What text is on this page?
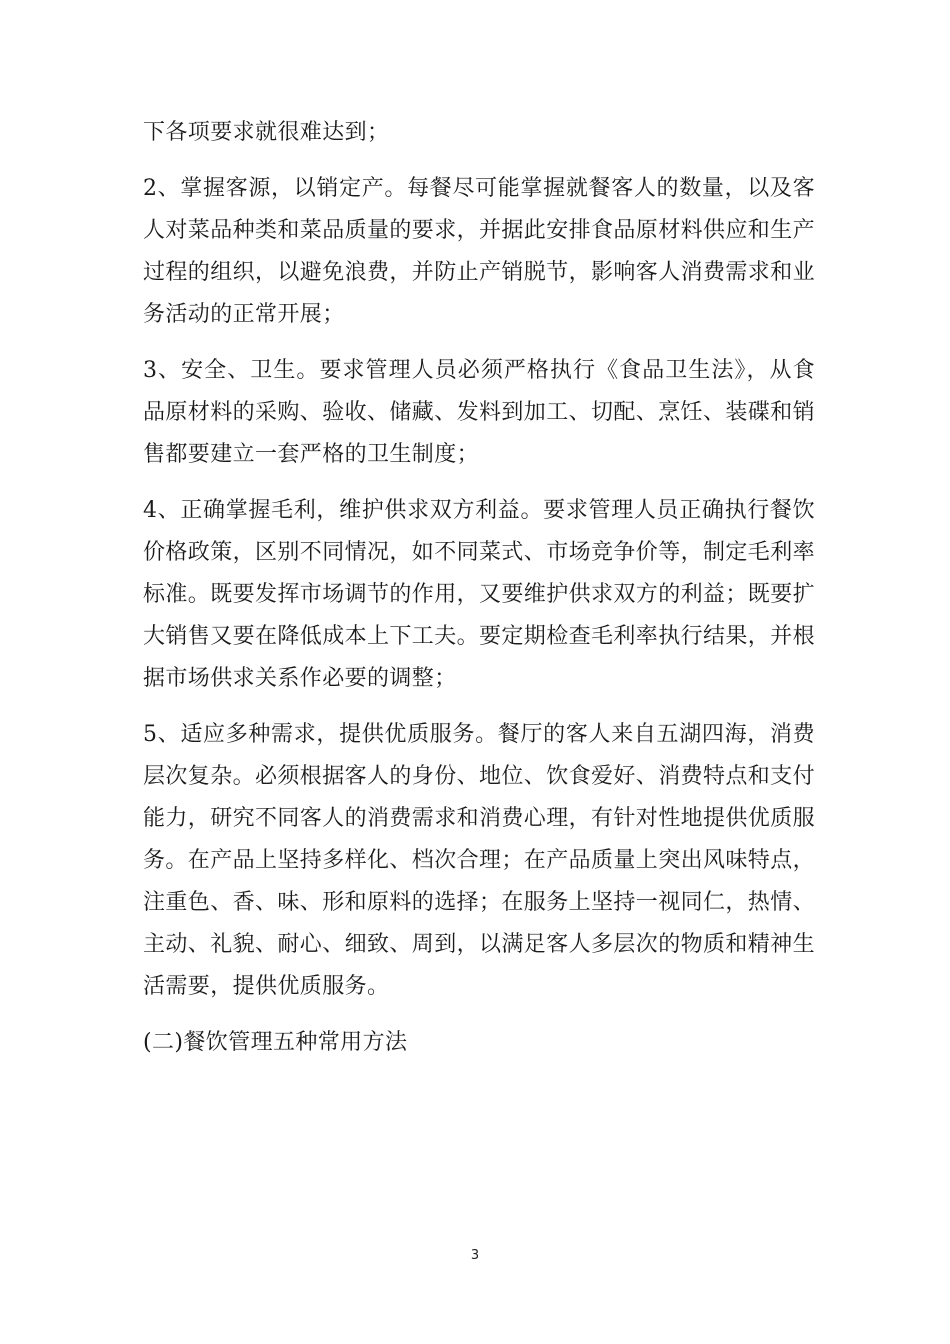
下各项要求就很难达到；

2、掌握客源，以销定产。每餐尽可能掌握就餐客人的数量，以及客人对菜品种类和菜品质量的要求，并据此安排食品原材料供应和生产过程的组织，以避免浪费，并防止产销脱节，影响客人消费需求和业务活动的正常开展；

3、安全、卫生。要求管理人员必须严格执行《食品卫生法》，从食品原材料的采购、验收、储藏、发料到加工、切配、烹饪、装碟和销售都要建立一套严格的卫生制度；

4、正确掌握毛利，维护供求双方利益。要求管理人员正确执行餐饮价格政策，区别不同情况，如不同菜式、市场竞争价等，制定毛利率标准。既要发挥市场调节的作用，又要维护供求双方的利益；既要扩大销售又要在降低成本上下工夫。要定期检查毛利率执行结果，并根据市场供求关系作必要的调整；

5、适应多种需求，提供优质服务。餐厅的客人来自五湖四海，消费层次复杂。必须根据客人的身份、地位、饮食爱好、消费特点和支付能力，研究不同客人的消费需求和消费心理，有针对性地提供优质服务。在产品上坚持多样化、档次合理；在产品质量上突出风味特点，注重色、香、味、形和原料的选择；在服务上坚持一视同仁，热情、主动、礼貌、耐心、细致、周到，以满足客人多层次的物质和精神生活需要，提供优质服务。

(二)餐饮管理五种常用方法

3
